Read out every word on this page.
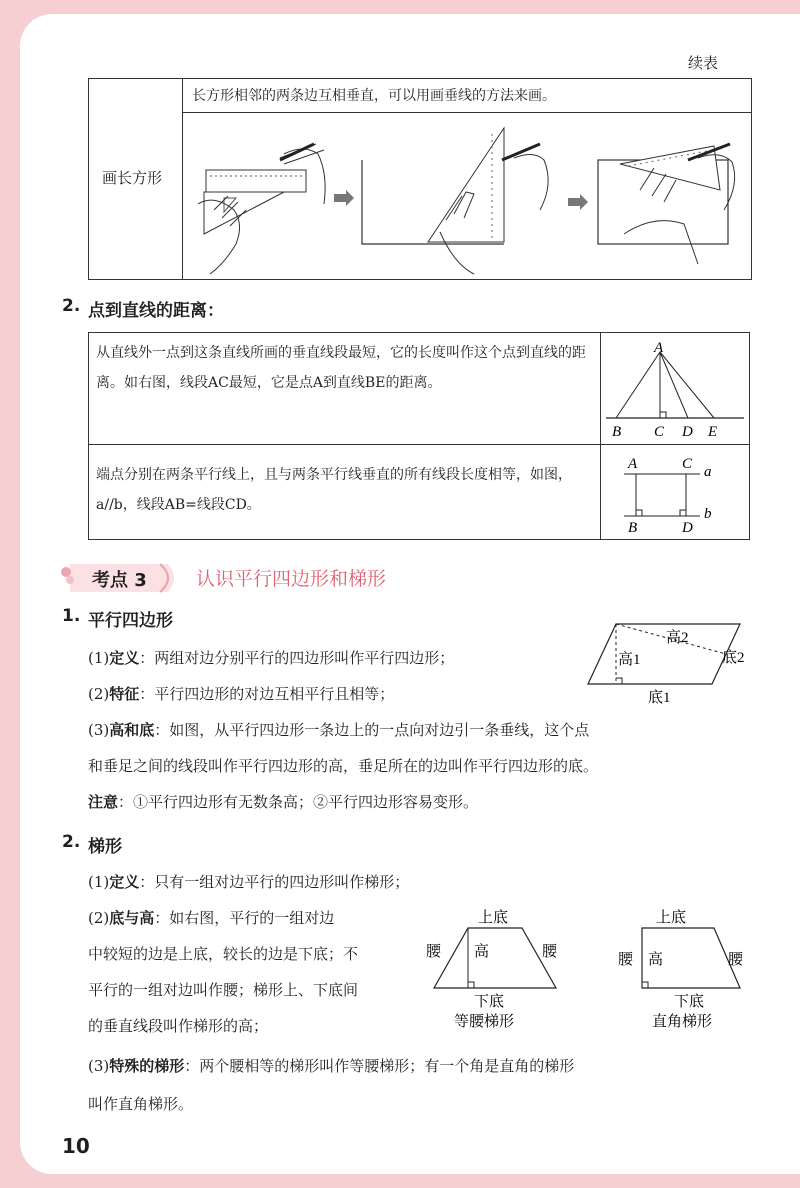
续表
画长方形
长方形相邻的两条边互相垂直，可以用画垂线的方法来画。
2. 点到直线的距离：
从直线外一点到这条直线所画的垂直线段最短，它的长度叫作这个点到直线的距离。如右图，线段AC最短，它是点A到直线BE的距离。
端点分别在两条平行线上，且与两条平行线垂直的所有线段长度相等，如图，a//b，线段AB=线段CD。
A
B C D E
A	C a
B	D
b
考点 3	认识平行四边形和梯形
1. 平行四边形
(1)定义：两组对边分别平行的四边形叫作平行四边形；
(2)特征：平行四边形的对边互相平行且相等；
(3)高和底：如图，从平行四边形一条边上的一点向对边引一条垂线，这个点
和垂足之间的线段叫作平行四边形的高，垂足所在的边叫作平行四边形的底。
注意：①平行四边形有无数条高；②平行四边形容易变形。
高1
高2
底1
底2
2. 梯形
(1)定义：只有一组对边平行的四边形叫作梯形；
(2)底与高：如右图，平行的一组对边
中较短的边是上底，较长的边是下底；不
平行的一组对边叫作腰；梯形上、下底间
的垂直线段叫作梯形的高；
(3)特殊的梯形：两个腰相等的梯形叫作等腰梯形；有一个角是直角的梯形
叫作直角梯形。
上底
高
腰	腰
下底
等腰梯形
上底
高
腰	腰
下底
直角梯形
10
